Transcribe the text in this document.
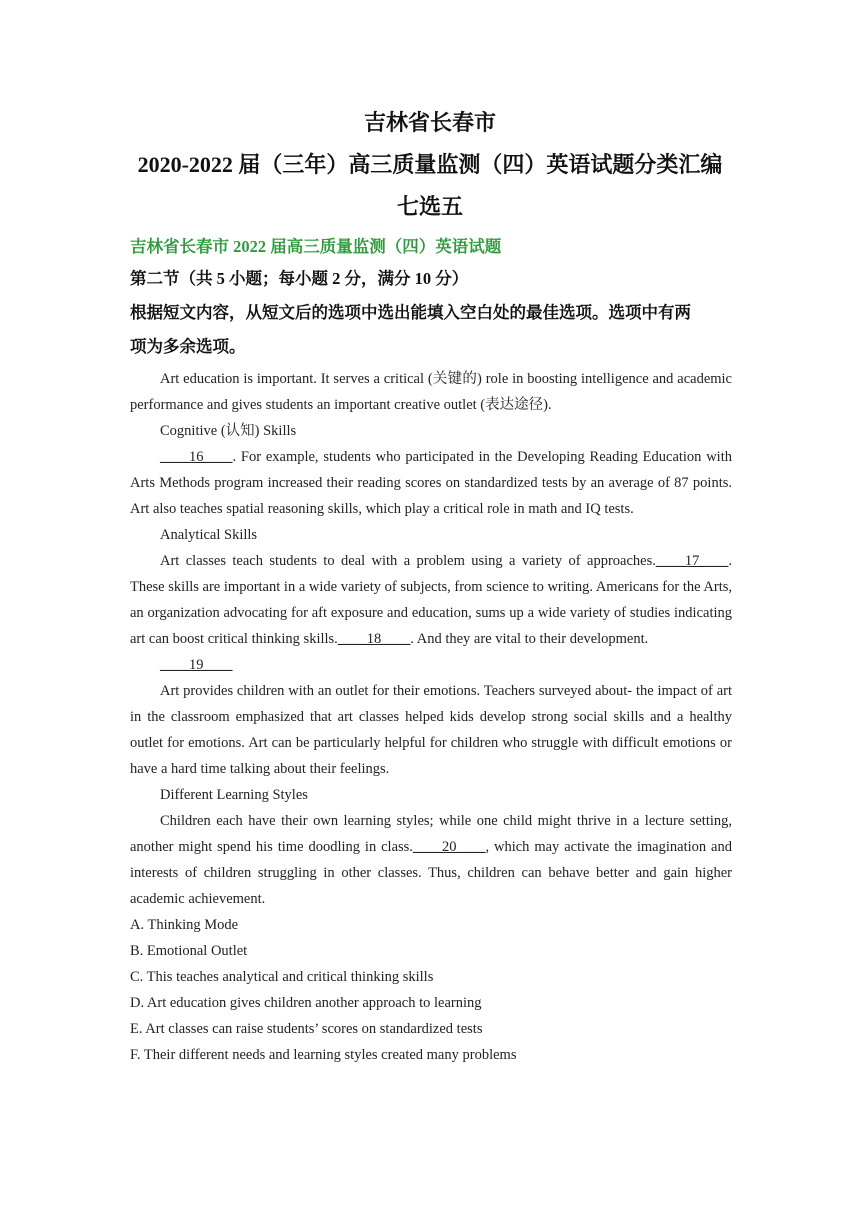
吉林省长春市
2020-2022 届（三年）高三质量监测（四）英语试题分类汇编
七选五

吉林省长春市 2022 届高三质量监测（四）英语试题

第二节（共 5 小题；每小题 2 分，满分 10 分）

根据短文内容，从短文后的选项中选出能填入空白处的最佳选项。选项中有两
项为多余选项。

Art education is important. It serves a critical (关键的) role in boosting intelligence and academic performance and gives students an important creative outlet (表达途径).

Cognitive (认知) Skills

____16____. For example, students who participated in the Developing Reading Education with Arts Methods program increased their reading scores on standardized tests by an average of 87 points. Art also teaches spatial reasoning skills, which play a critical role in math and IQ tests.

Analytical Skills

Art classes teach students to deal with a problem using a variety of approaches.____17____. These skills are important in a wide variety of subjects, from science to writing. Americans for the Arts, an organization advocating for aft exposure and education, sums up a wide variety of studies indicating art can boost critical thinking skills.____18____. And they are vital to their development.

____19____

Art provides children with an outlet for their emotions. Teachers surveyed about- the impact of art in the classroom emphasized that art classes helped kids develop strong social skills and a healthy outlet for emotions. Art can be particularly helpful for children who struggle with difficult emotions or have a hard time talking about their feelings.

Different Learning Styles

Children each have their own learning styles; while one child might thrive in a lecture setting, another might spend his time doodling in class.____20____, which may activate the imagination and interests of children struggling in other classes. Thus, children can behave better and gain higher academic achievement.

A. Thinking Mode

B. Emotional Outlet

C. This teaches analytical and critical thinking skills

D. Art education gives children another approach to learning

E. Art classes can raise students’ scores on standardized tests

F. Their different needs and learning styles created many problems
